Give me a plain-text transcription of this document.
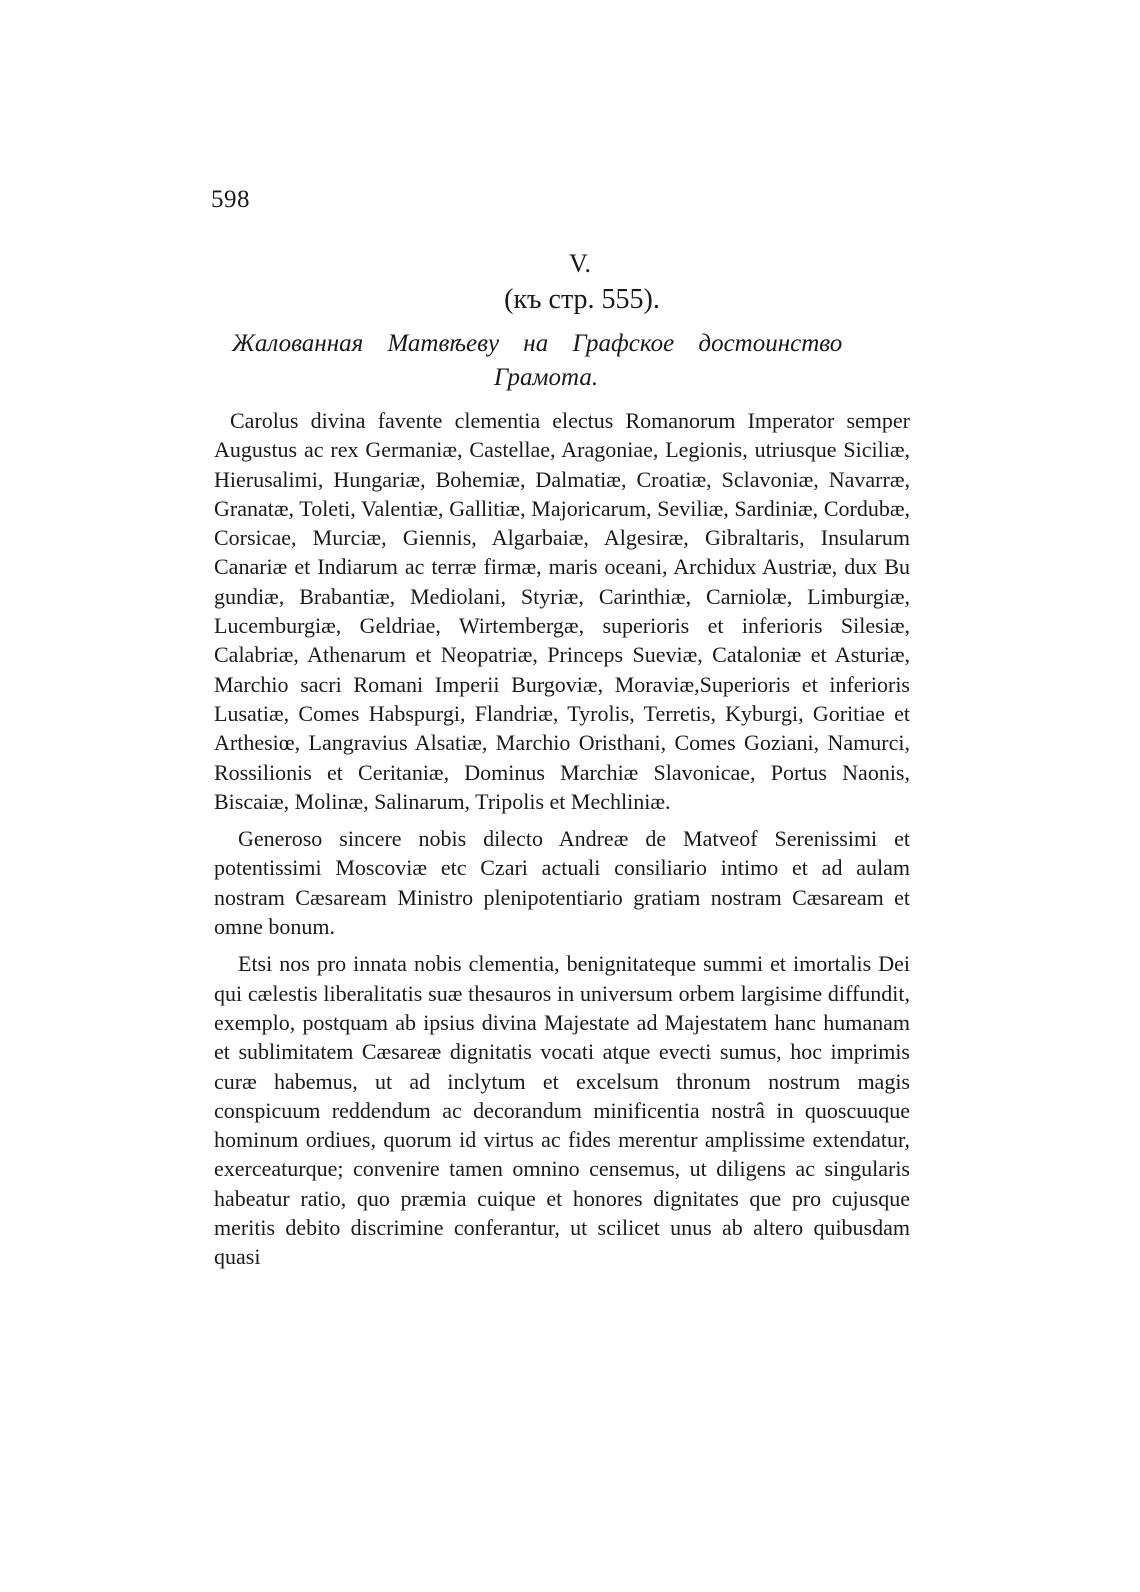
598
V.
(къ стр. 555).
Жалованная Матвѣеву на Графское достоинство
Грамота.

Carolus divina favente clementia electus Romanorum Imperator semper Augustus ac rex Germaniæ, Castellae, Aragoniae, Legionis, utriusque Siciliæ, Hierusalimi, Hungariæ, Bohemiæ, Dalmatiæ, Croatiæ, Sclavoniæ, Navarræ, Granatæ, Toleti, Valentiæ, Gallitiæ, Majoricarum, Seviliæ, Sardiniæ, Cordubæ, Corsicae, Murciæ, Giennis, Algarbaiæ, Algesiræ, Gibraltaris, Insularum Canariæ et Indiarum ac terræ firmæ, maris oceani, Archidux Austriæ, dux Bu gundiæ, Brabantiæ, Mediolani, Styriæ, Carinthiæ, Carniolæ, Limburgiæ, Lucemburgiæ, Geldriae, Wirtembergæ, superioris et inferioris Silesiæ, Calabriæ, Athenarum et Neopatriæ, Princeps Sueviæ, Cataloniæ et Asturiæ, Marchio sacri Romani Imperii Burgoviæ, Moraviæ,Superioris et inferioris Lusatiæ, Comes Habspurgi, Flandriæ, Tyrolis, Terretis, Kyburgi, Goritiae et Arthesiœ, Langravius Alsatiæ, Marchio Oristhani, Comes Goziani, Namurci, Rossilionis et Ceritaniæ, Dominus Marchiæ Slavonicae, Portus Naonis, Biscaiæ, Molinæ, Salinarum, Tripolis et Mechliniæ.

Generoso sincere nobis dilecto Andreæ de Matveof Serenissimi et potentissimi Moscoviæ etc Czari actuali consiliario intimo et ad aulam nostram Cæsaream Ministro plenipotentiario gratiam nostram Cæsaream et omne bonum.

Etsi nos pro innata nobis clementia, benignitateque summi et imortalis Dei qui cælestis liberalitatis suæ thesauros in universum orbem largisime diffundit, exemplo, postquam ab ipsius divina Majestate ad Majestatem hanc humanam et sublimitatem Cæsareæ dignitatis vocati atque evecti sumus, hoc imprimis curæ habemus, ut ad inclytum et excelsum thronum nostrum magis conspicuum reddendum ac decorandum minificentia nostrâ in quoscuuque hominum ordiues, quorum id virtus ac fides merentur amplissime extendatur, exerceaturque; convenire tamen omnino censemus, ut diligens ac singularis habeatur ratio, quo præmia cuique et honores dignitates que pro cujusque meritis debito discrimine conferantur, ut scilicet unus ab altero quibusdam quasi
